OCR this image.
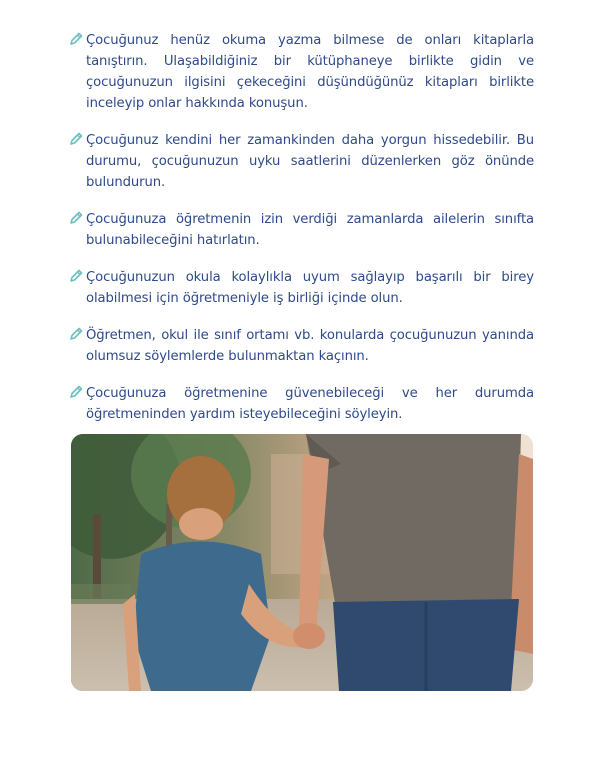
Çocuğunuz henüz okuma yazma bilmese de onları kitaplarla tanıştırın. Ulaşabildiğiniz bir kütüphaneye birlikte gidin ve çocuğunuzun ilgisini çekeceğini düşündüğünüz kitapları birlikte inceleyip onlar hakkında konuşun.
Çocuğunuz kendini her zamankinden daha yorgun hissedebilir. Bu durumu, çocuğunuzun uyku saatlerini düzenlerken göz önünde bulundurun.
Çocuğunuza öğretmenin izin verdiği zamanlarda ailelerin sınıfta bulunabileceğini hatırlatın.
Çocuğunuzun okula kolaylıkla uyum sağlayıp başarılı bir birey olabilmesi için öğretmeniyle iş birliği içinde olun.
Öğretmen, okul ile sınıf ortamı vb. konularda çocuğunuzun yanında olumsuz söylemlerde bulunmaktan kaçının.
Çocuğunuza öğretmenine güvenebileceği ve her durumda öğretmeninden yardım isteyebileceğini söyleyin.
